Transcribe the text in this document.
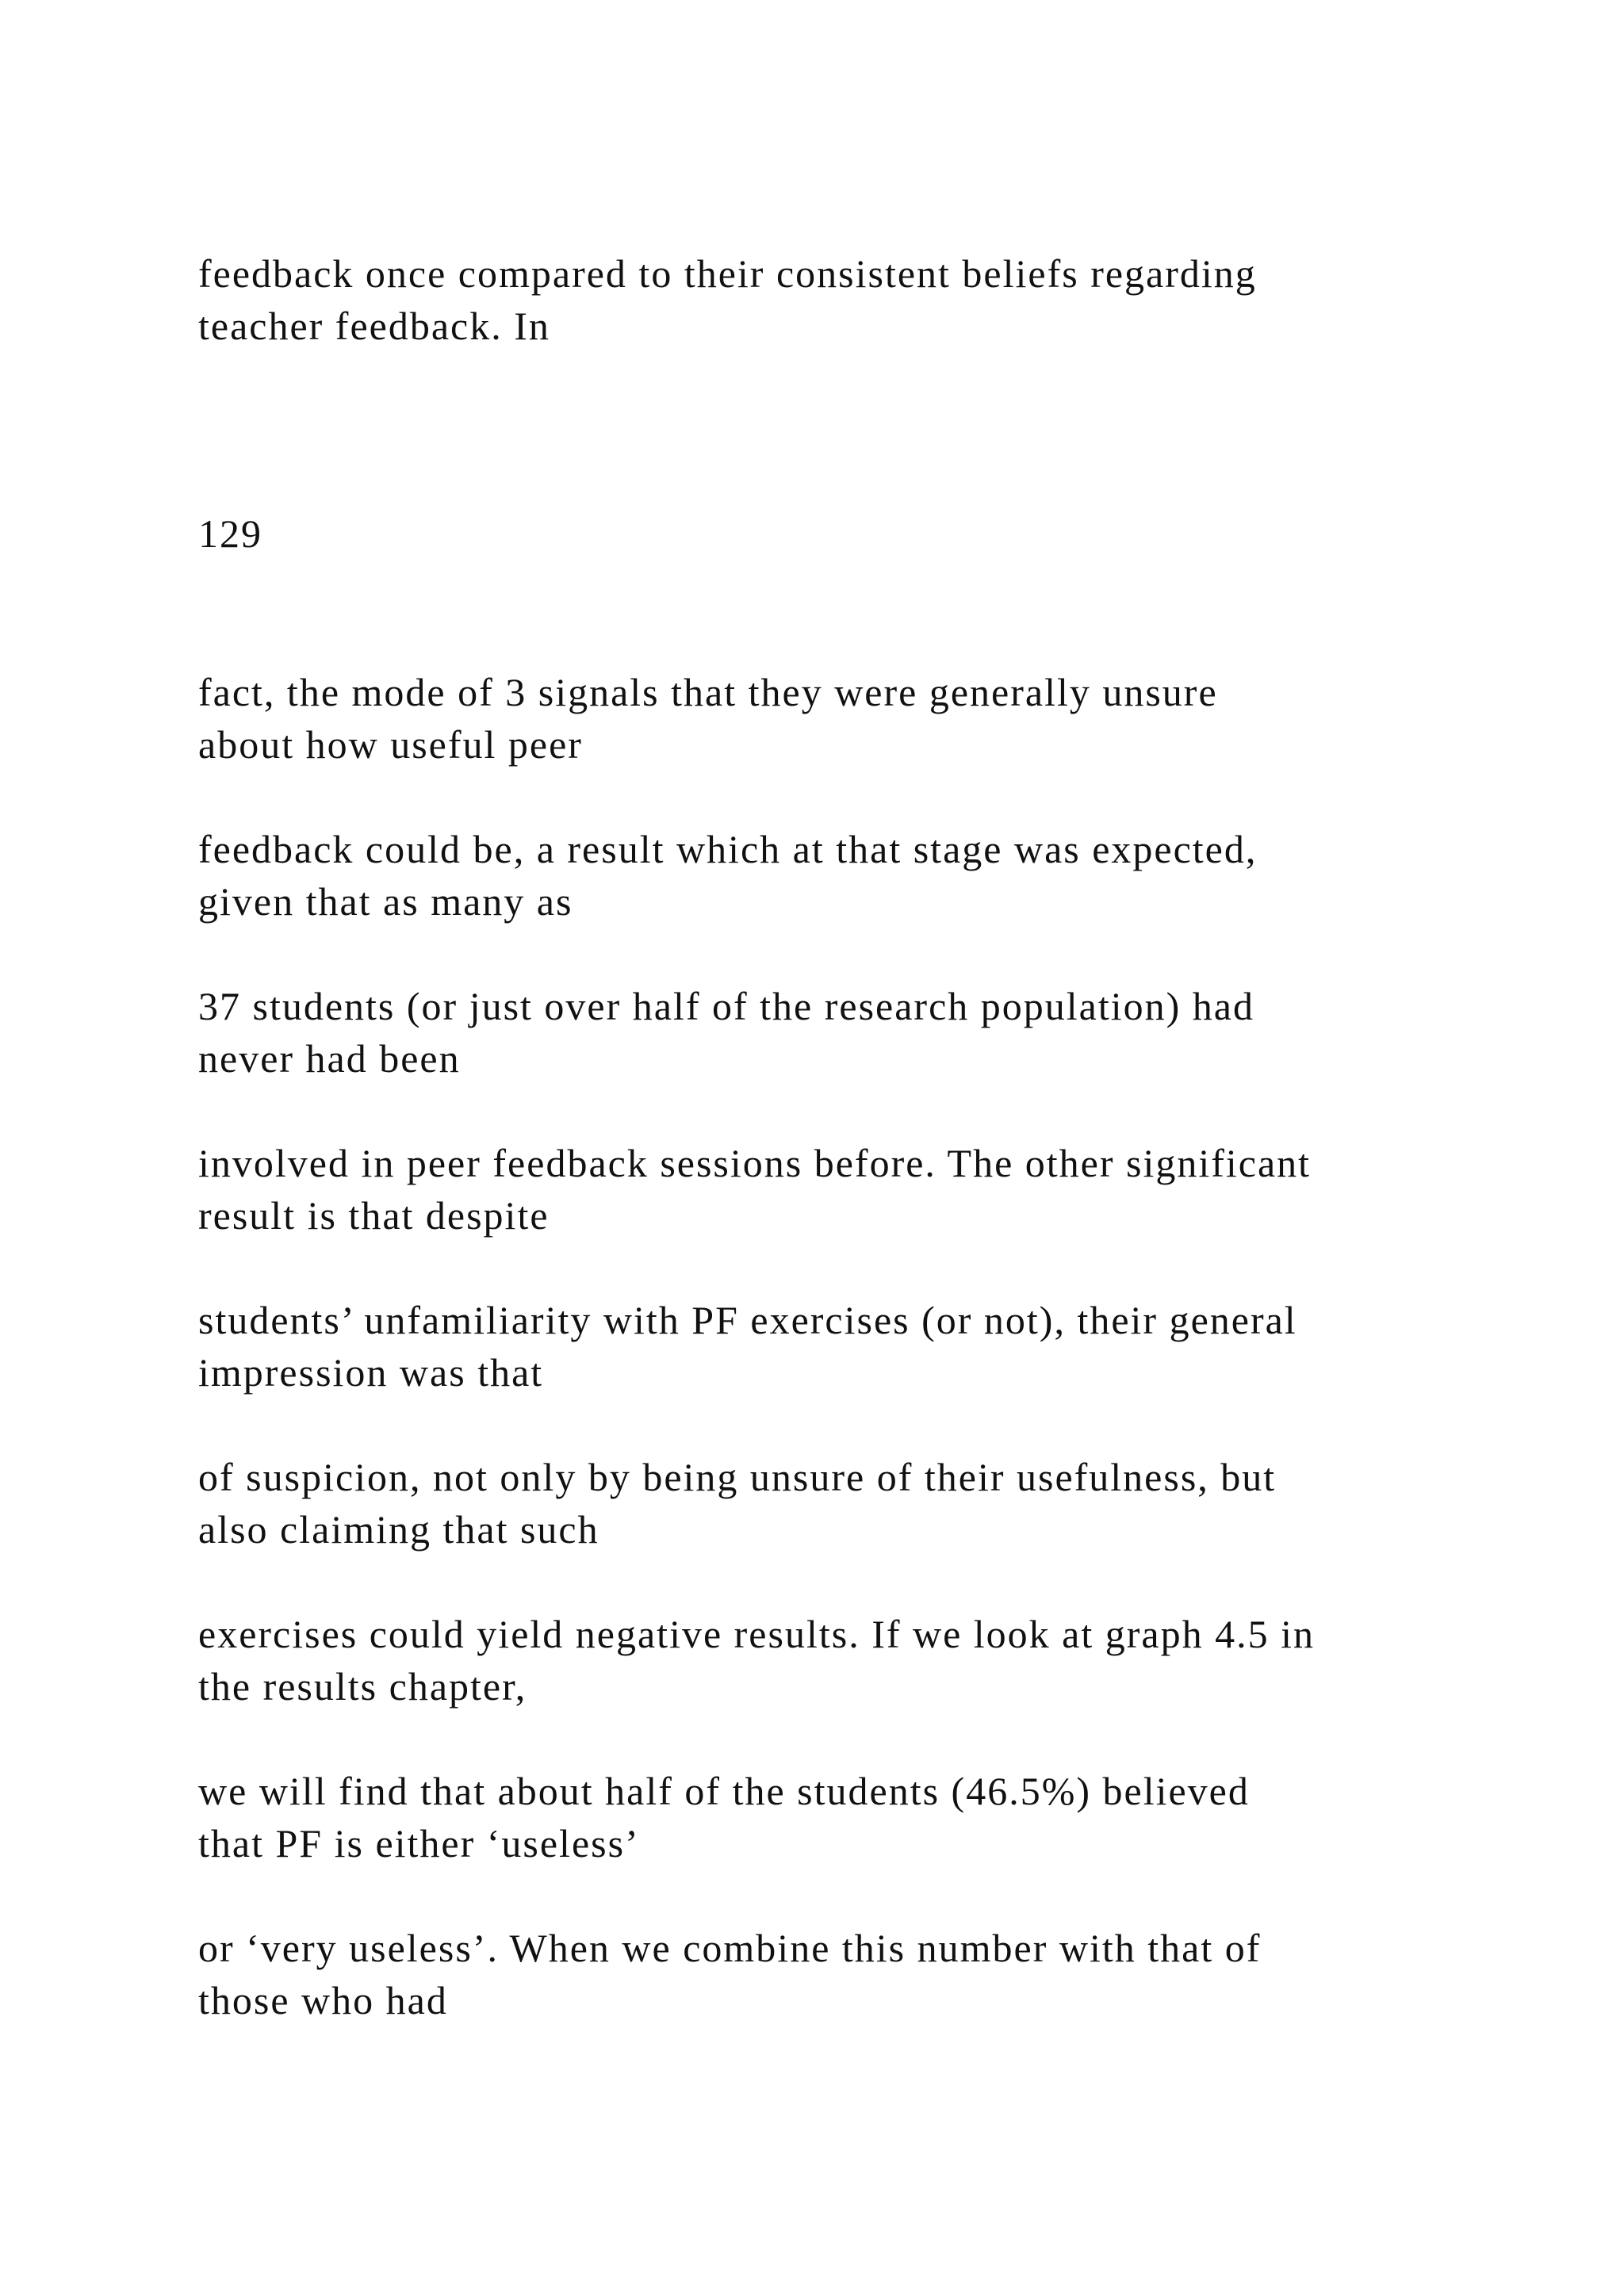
feedback once compared to their consistent beliefs regarding
teacher feedback. In

129

fact, the mode of 3 signals that they were generally unsure
about how useful peer

feedback could be, a result which at that stage was expected,
given that as many as

37 students (or just over half of the research population) had
never had been

involved in peer feedback sessions before. The other significant
result is that despite

students’ unfamiliarity with PF exercises (or not), their general
impression was that

of suspicion, not only by being unsure of their usefulness, but
also claiming that such

exercises could yield negative results. If we look at graph 4.5 in
the results chapter,

we will find that about half of the students (46.5%) believed
that PF is either ‘useless’

or ‘very useless’. When we combine this number with that of
those who had
